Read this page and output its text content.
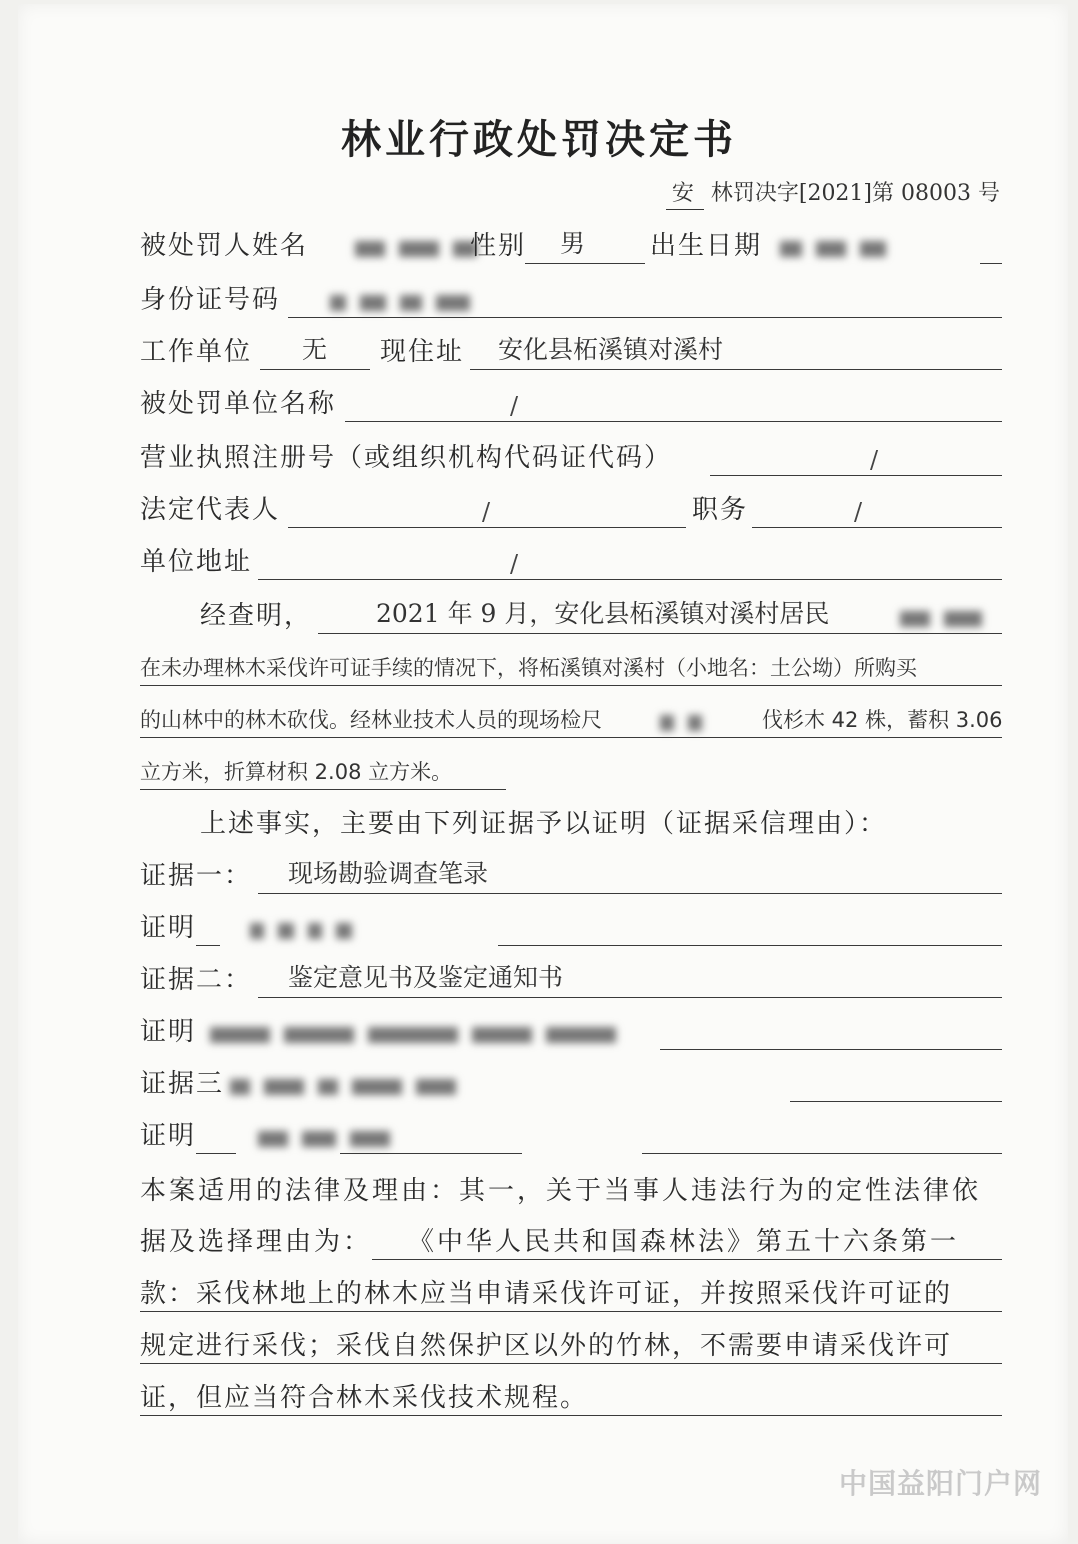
林业行政处罚决定书
安 林罚决字[2021]第 08003 号
被处罚人姓名	性别 男 出生日期
身份证号码
工作单位 无 现住址 安化县柘溪镇对溪村
被处罚单位名称	/
营业执照注册号（或组织机构代码证代码）	/
法定代表人	/	职务	/
单位地址	/
经查明，	2021 年 9 月，安化县柘溪镇对溪村居民
在未办理林木采伐许可证手续的情况下，将柘溪镇对溪村（小地名：土公坳）所购买
的山林中的林木砍伐。经林业技术人员的现场检尺	伐杉木 42 株，蓄积 3.06
立方米，折算材积 2.08 立方米。
上述事实，主要由下列证据予以证明（证据采信理由）：
证据一： 现场勘验调查笔录
证明
证据二： 鉴定意见书及鉴定通知书
证明
证据三
证明
本案适用的法律及理由：其一，关于当事人违法行为的定性法律依
据及选择理由为： 《中华人民共和国森林法》第五十六条第一
款：采伐林地上的林木应当申请采伐许可证，并按照采伐许可证的
规定进行采伐；采伐自然保护区以外的竹林，不需要申请采伐许可
证，但应当符合林木采伐技术规程。
中国益阳门户网
